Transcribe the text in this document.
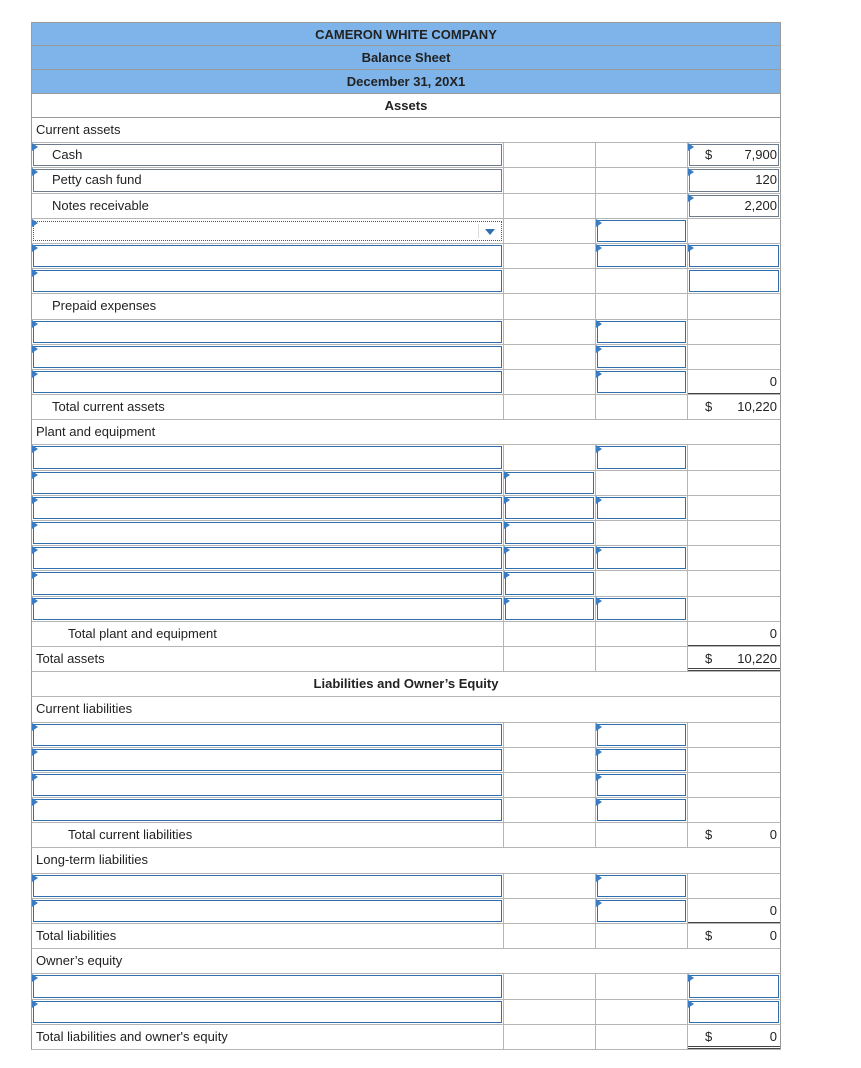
CAMERON WHITE COMPANY
Balance Sheet
December 31, 20X1
Assets
Current assets
Cash	$ 7,900
Petty cash fund	120
Notes receivable	2,200
Prepaid expenses
0
Total current assets	$ 10,220
Plant and equipment
Total plant and equipment	0
Total assets	$ 10,220
Liabilities and Owner’s Equity
Current liabilities
Total current liabilities	$	0
Long-term liabilities
0
Total liabilities	$	0
Owner’s equity
Total liabilities and owner's equity	$	0
